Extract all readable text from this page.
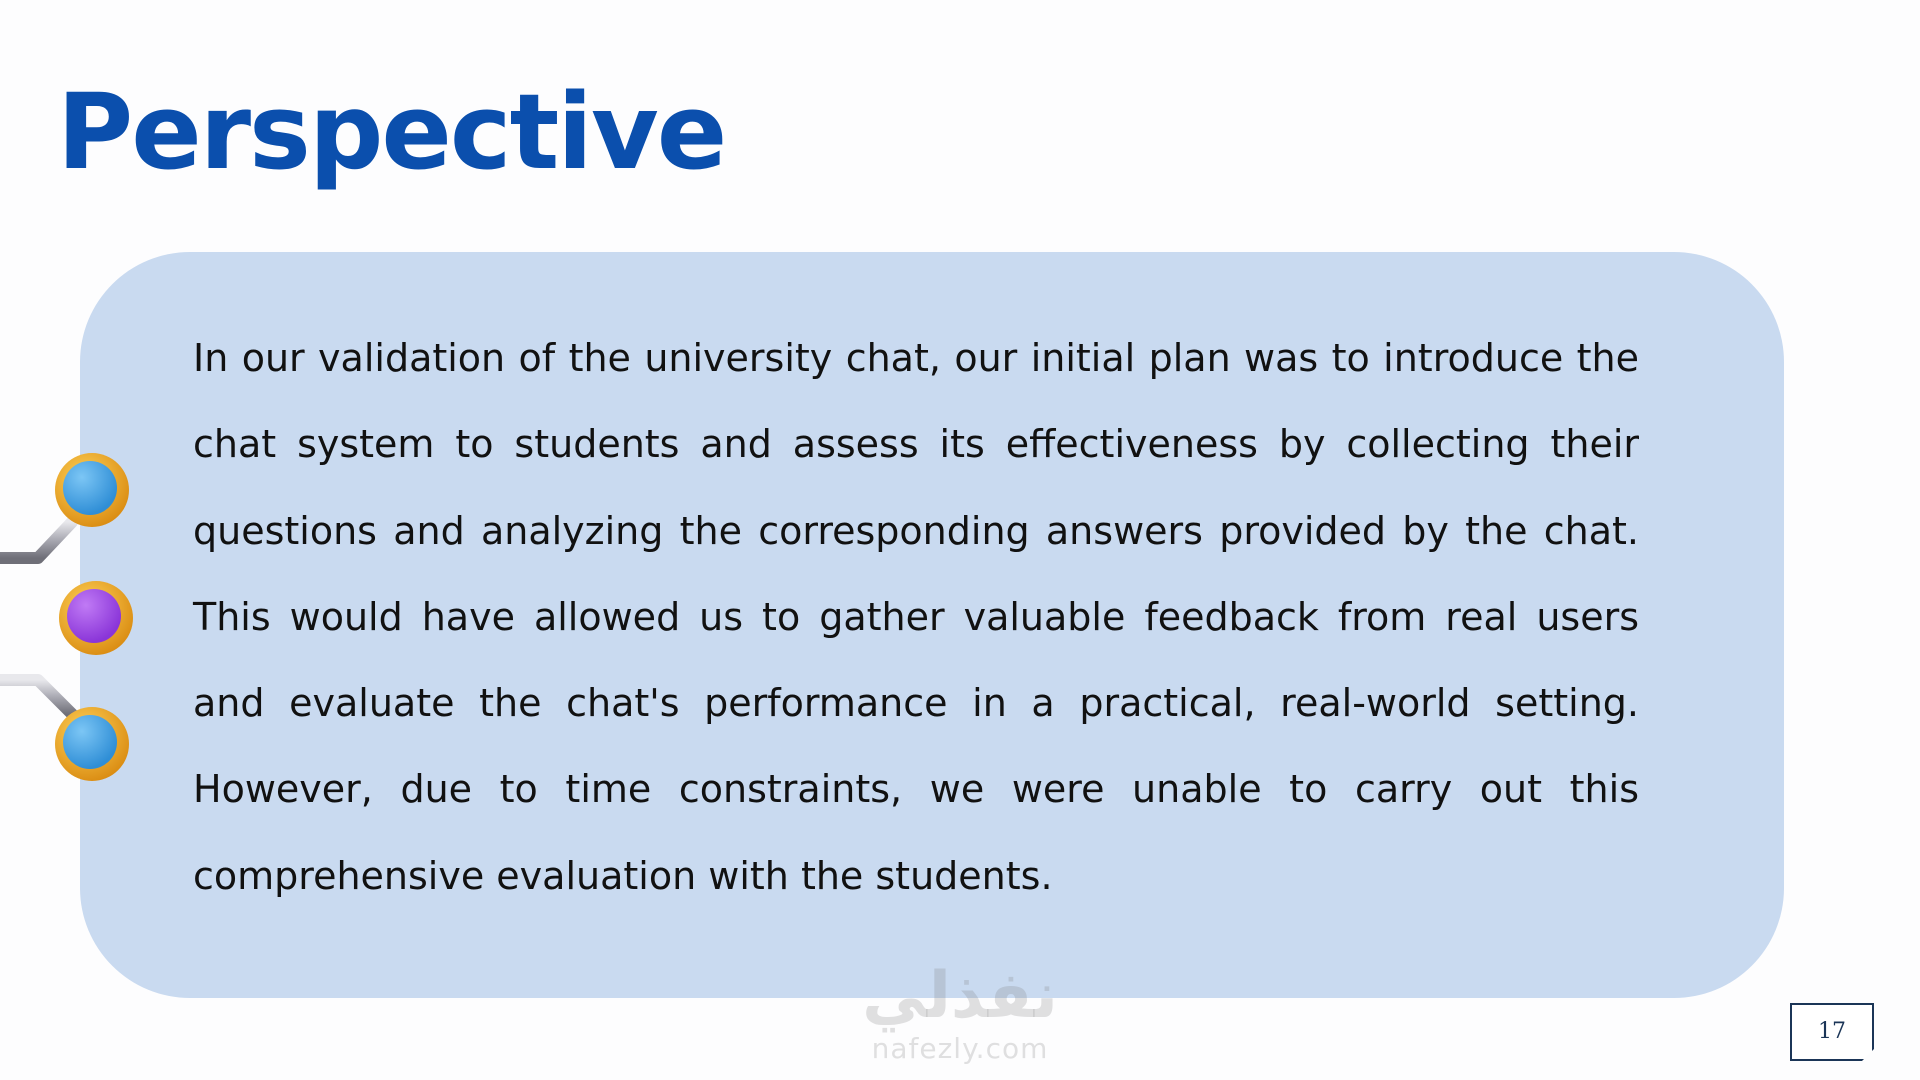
Perspective

In our validation of the university chat, our initial plan was to introduce the chat system to students and assess its effectiveness by collecting their questions and analyzing the corresponding answers provided by the chat. This would have allowed us to gather valuable feedback from real users and evaluate the chat's performance in a practical, real-world setting. However, due to time constraints, we were unable to carry out this comprehensive evaluation with the students.

نفذلي
nafezly.com
17
